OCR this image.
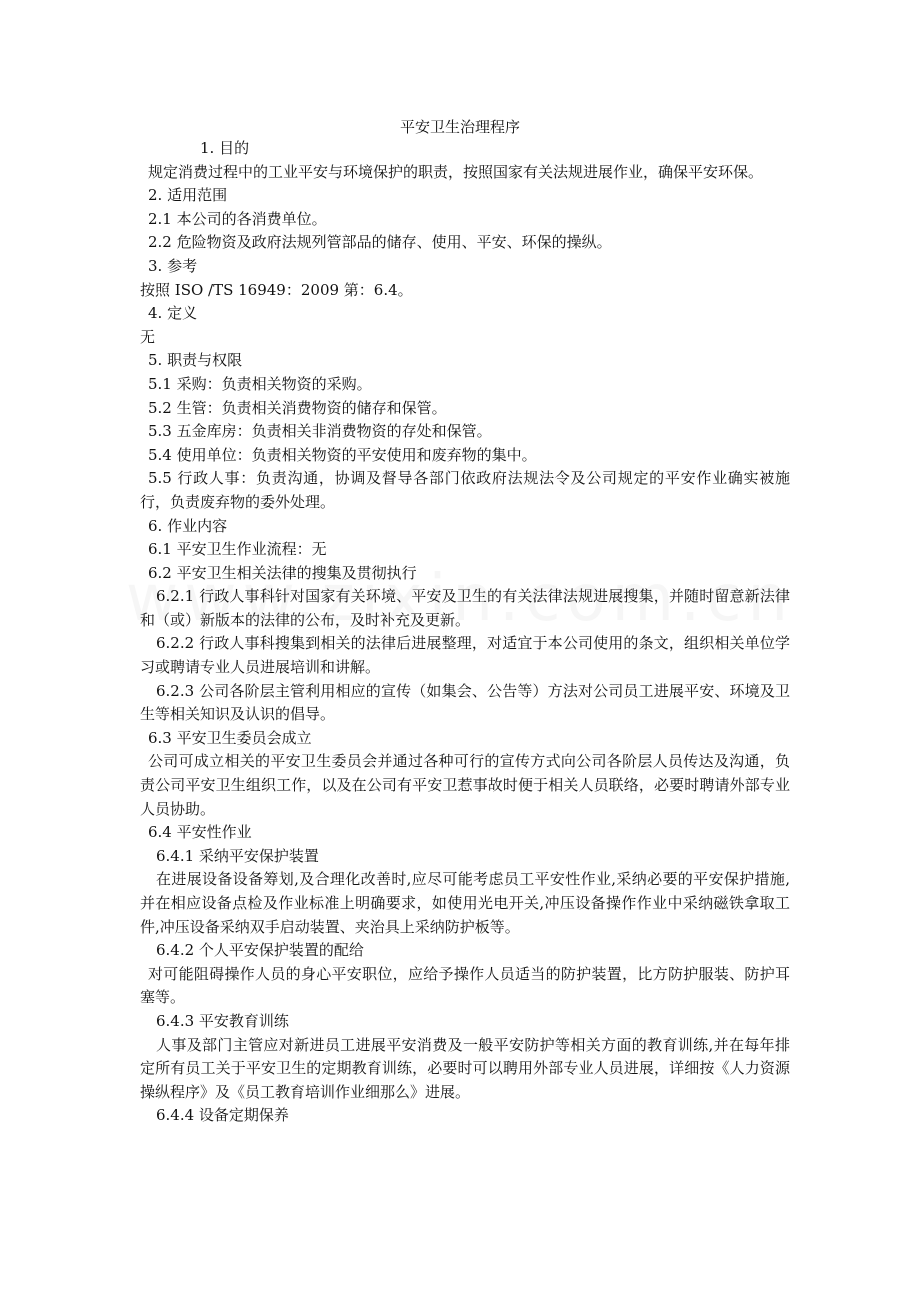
平安卫生治理程序

1. 目的

规定消费过程中的工业平安与环境保护的职责，按照国家有关法规进展作业，确保平安环保。

2. 适用范围

2.1 本公司的各消费单位。

2.2 危险物资及政府法规列管部品的储存、使用、平安、环保的操纵。

3. 参考

按照 ISO /TS 16949：2009 第：6.4。

4. 定义

无

5. 职责与权限

5.1 采购：负责相关物资的采购。

5.2 生管：负责相关消费物资的储存和保管。

5.3 五金库房：负责相关非消费物资的存处和保管。

5.4 使用单位：负责相关物资的平安使用和废弃物的集中。

5.5 行政人事：负责沟通，协调及督导各部门依政府法规法令及公司规定的平安作业确实被施行，负责废弃物的委外处理。

6. 作业内容

6.1 平安卫生作业流程：无

6.2 平安卫生相关法律的搜集及贯彻执行

6.2.1 行政人事科针对国家有关环境、平安及卫生的有关法律法规进展搜集，并随时留意新法律和（或）新版本的法律的公布，及时补充及更新。

6.2.2 行政人事科搜集到相关的法律后进展整理，对适宜于本公司使用的条文，组织相关单位学习或聘请专业人员进展培训和讲解。

6.2.3 公司各阶层主管利用相应的宣传（如集会、公告等）方法对公司员工进展平安、环境及卫生等相关知识及认识的倡导。

6.3 平安卫生委员会成立

公司可成立相关的平安卫生委员会并通过各种可行的宣传方式向公司各阶层人员传达及沟通，负责公司平安卫生组织工作，以及在公司有平安卫惹事故时便于相关人员联络，必要时聘请外部专业人员协助。

6.4 平安性作业

6.4.1 采纳平安保护装置

在进展设备设备筹划,及合理化改善时,应尽可能考虑员工平安性作业,采纳必要的平安保护措施,并在相应设备点检及作业标准上明确要求，如使用光电开关,冲压设备操作作业中采纳磁铁拿取工件,冲压设备采纳双手启动装置、夹治具上采纳防护板等。

6.4.2 个人平安保护装置的配给

对可能阻碍操作人员的身心平安职位，应给予操作人员适当的防护装置，比方防护服装、防护耳塞等。

6.4.3 平安教育训练

人事及部门主管应对新进员工进展平安消费及一般平安防护等相关方面的教育训练,并在每年排定所有员工关于平安卫生的定期教育训练，必要时可以聘用外部专业人员进展，详细按《人力资源操纵程序》及《员工教育培训作业细那么》进展。

6.4.4 设备定期保养
